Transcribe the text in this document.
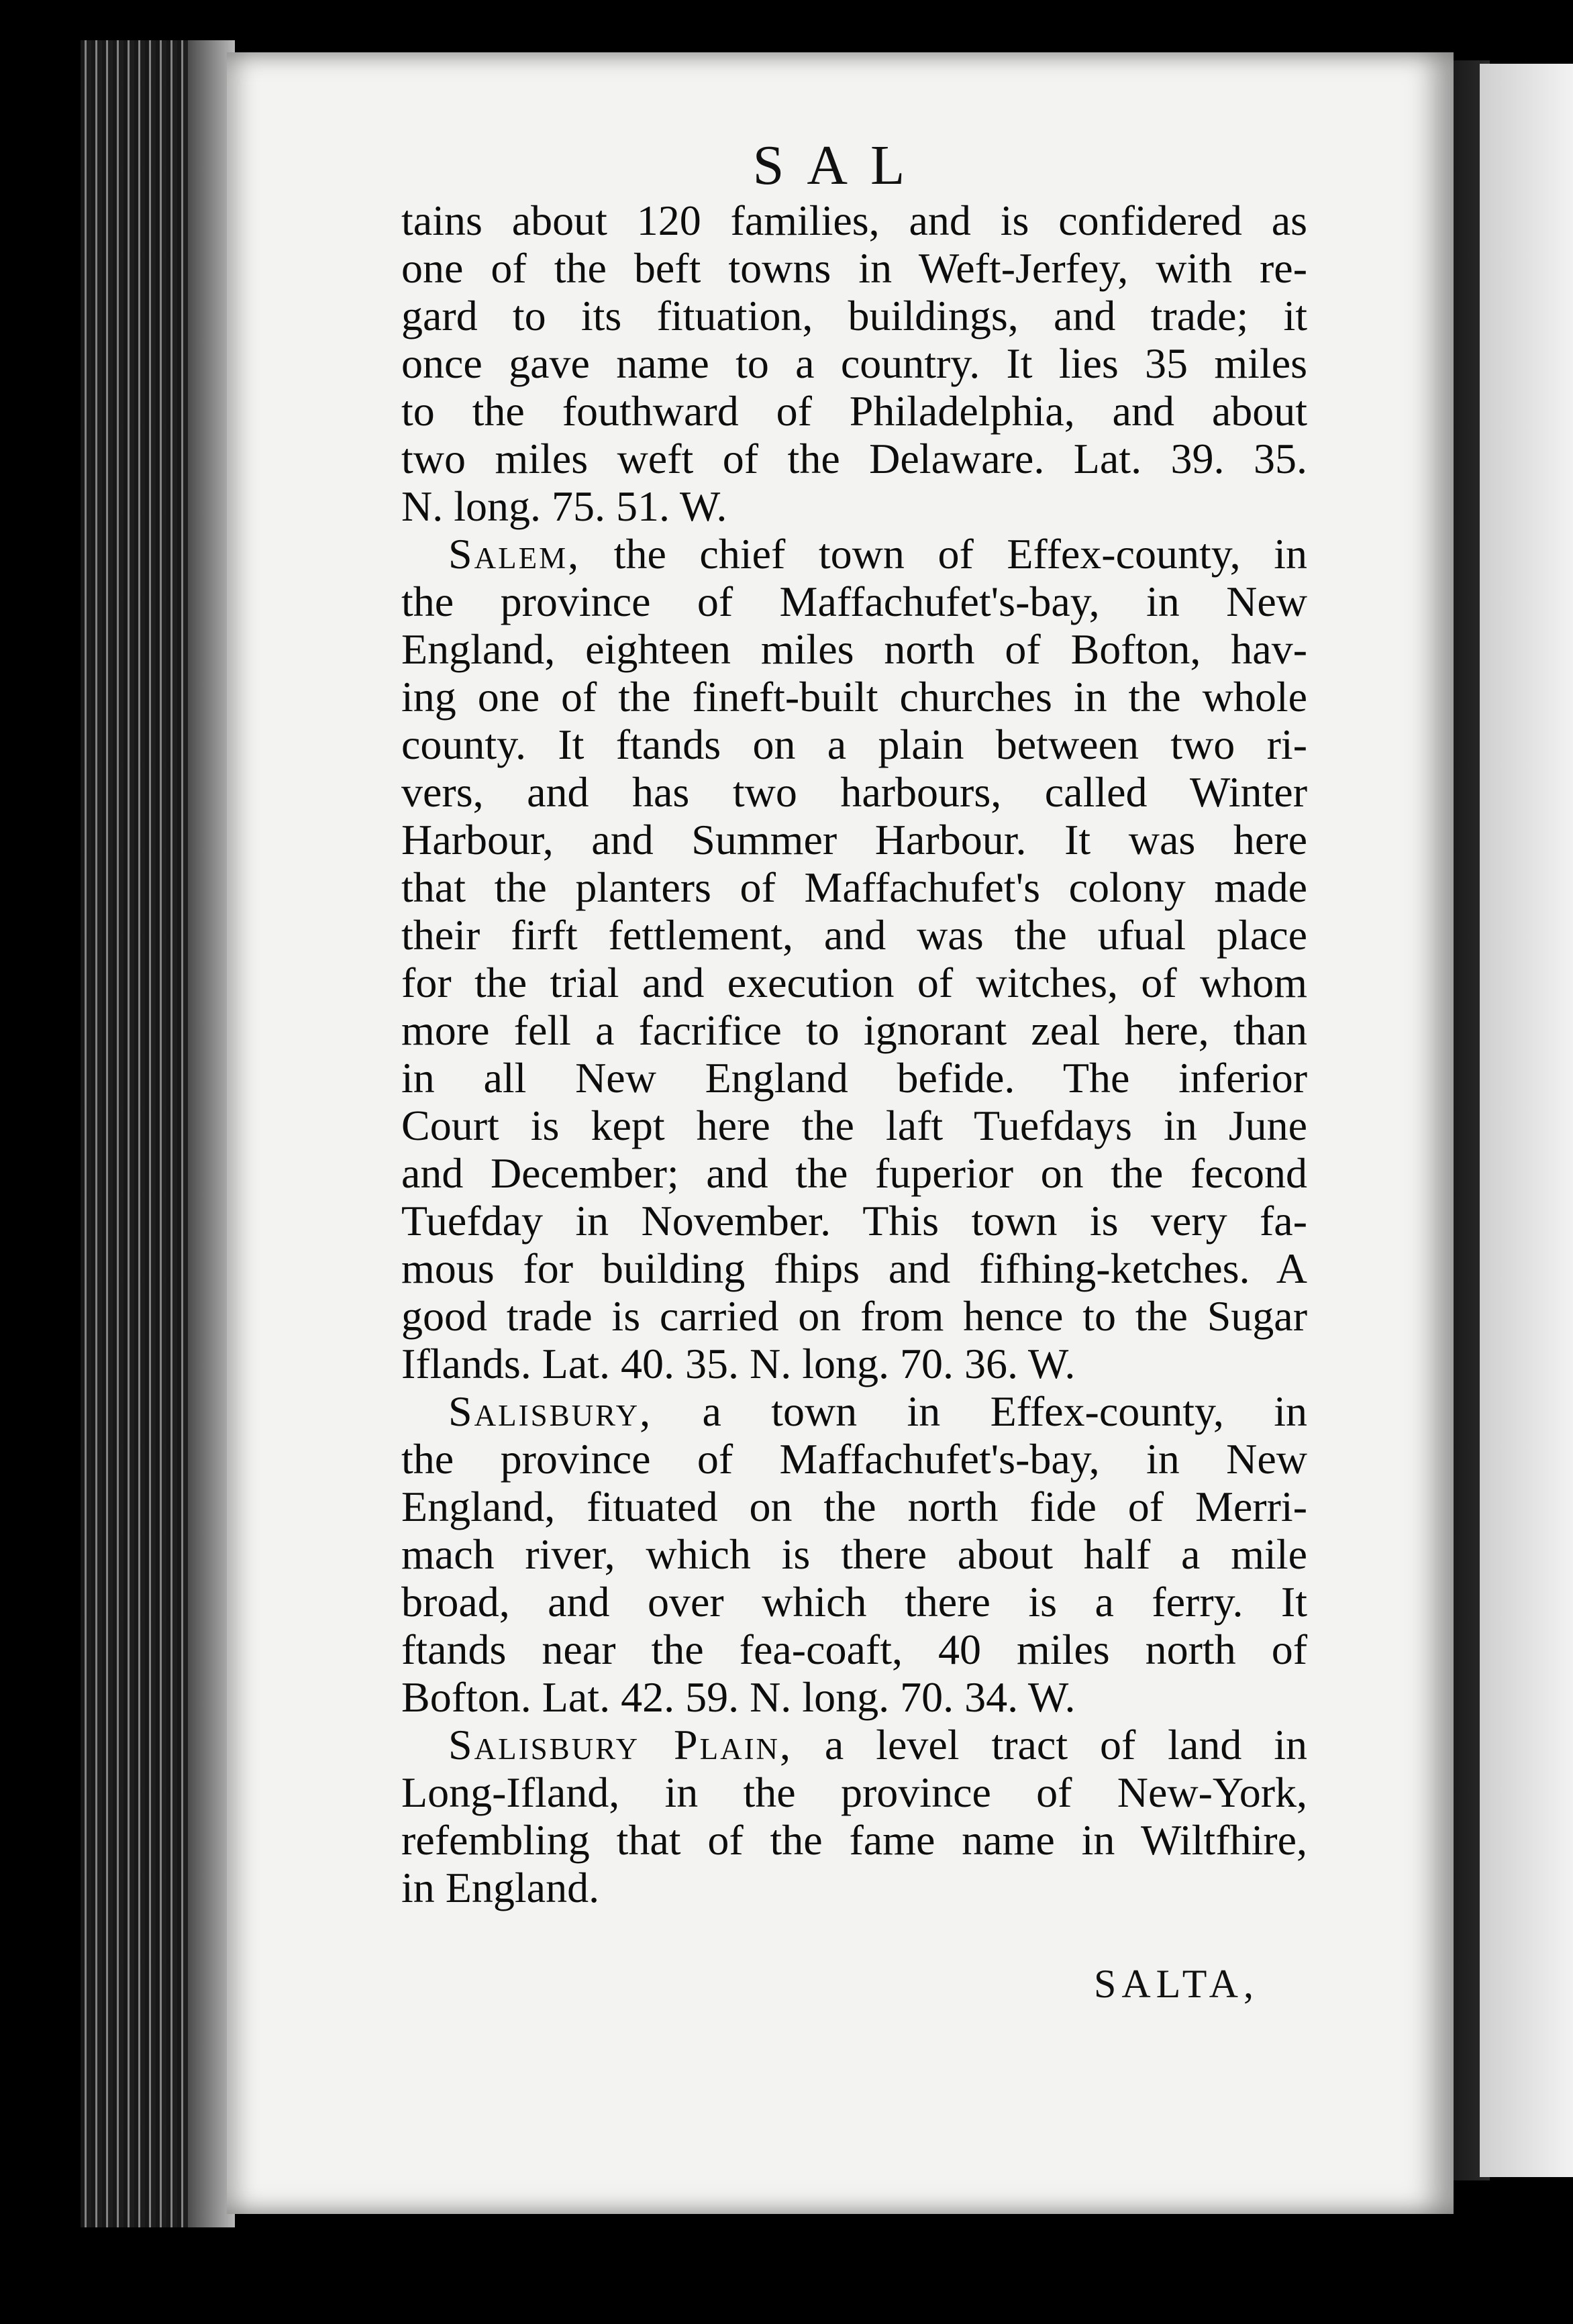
SAL

tains about 120 families, and is confidered as
one of the beft towns in Weft-Jerfey, with re-
gard to its fituation, buildings, and trade; it
once gave name to a country. It lies 35 miles
to the fouthward of Philadelphia, and about
two miles weft of the Delaware. Lat. 39. 35.
N. long. 75. 51. W.

Salem, the chief town of Effex-county, in
the province of Maffachufet's-bay, in New
England, eighteen miles north of Bofton, hav-
ing one of the fineft-built churches in the whole
county. It ftands on a plain between two ri-
vers, and has two harbours, called Winter
Harbour, and Summer Harbour. It was here
that the planters of Maffachufet's colony made
their firft fettlement, and was the ufual place
for the trial and execution of witches, of whom
more fell a facrifice to ignorant zeal here, than
in all New England befide. The inferior
Court is kept here the laft Tuefdays in June
and December; and the fuperior on the fecond
Tuefday in November. This town is very fa-
mous for building fhips and fifhing-ketches. A
good trade is carried on from hence to the Sugar
Iflands. Lat. 40. 35. N. long. 70. 36. W.

Salisbury, a town in Effex-county, in
the province of Maffachufet's-bay, in New
England, fituated on the north fide of Merri-
mach river, which is there about half a mile
broad, and over which there is a ferry. It
ftands near the fea-coaft, 40 miles north of
Bofton. Lat. 42. 59. N. long. 70. 34. W.

Salisbury Plain, a level tract of land in
Long-Ifland, in the province of New-York,
refembling that of the fame name in Wiltfhire,
in England.

SALTA,
